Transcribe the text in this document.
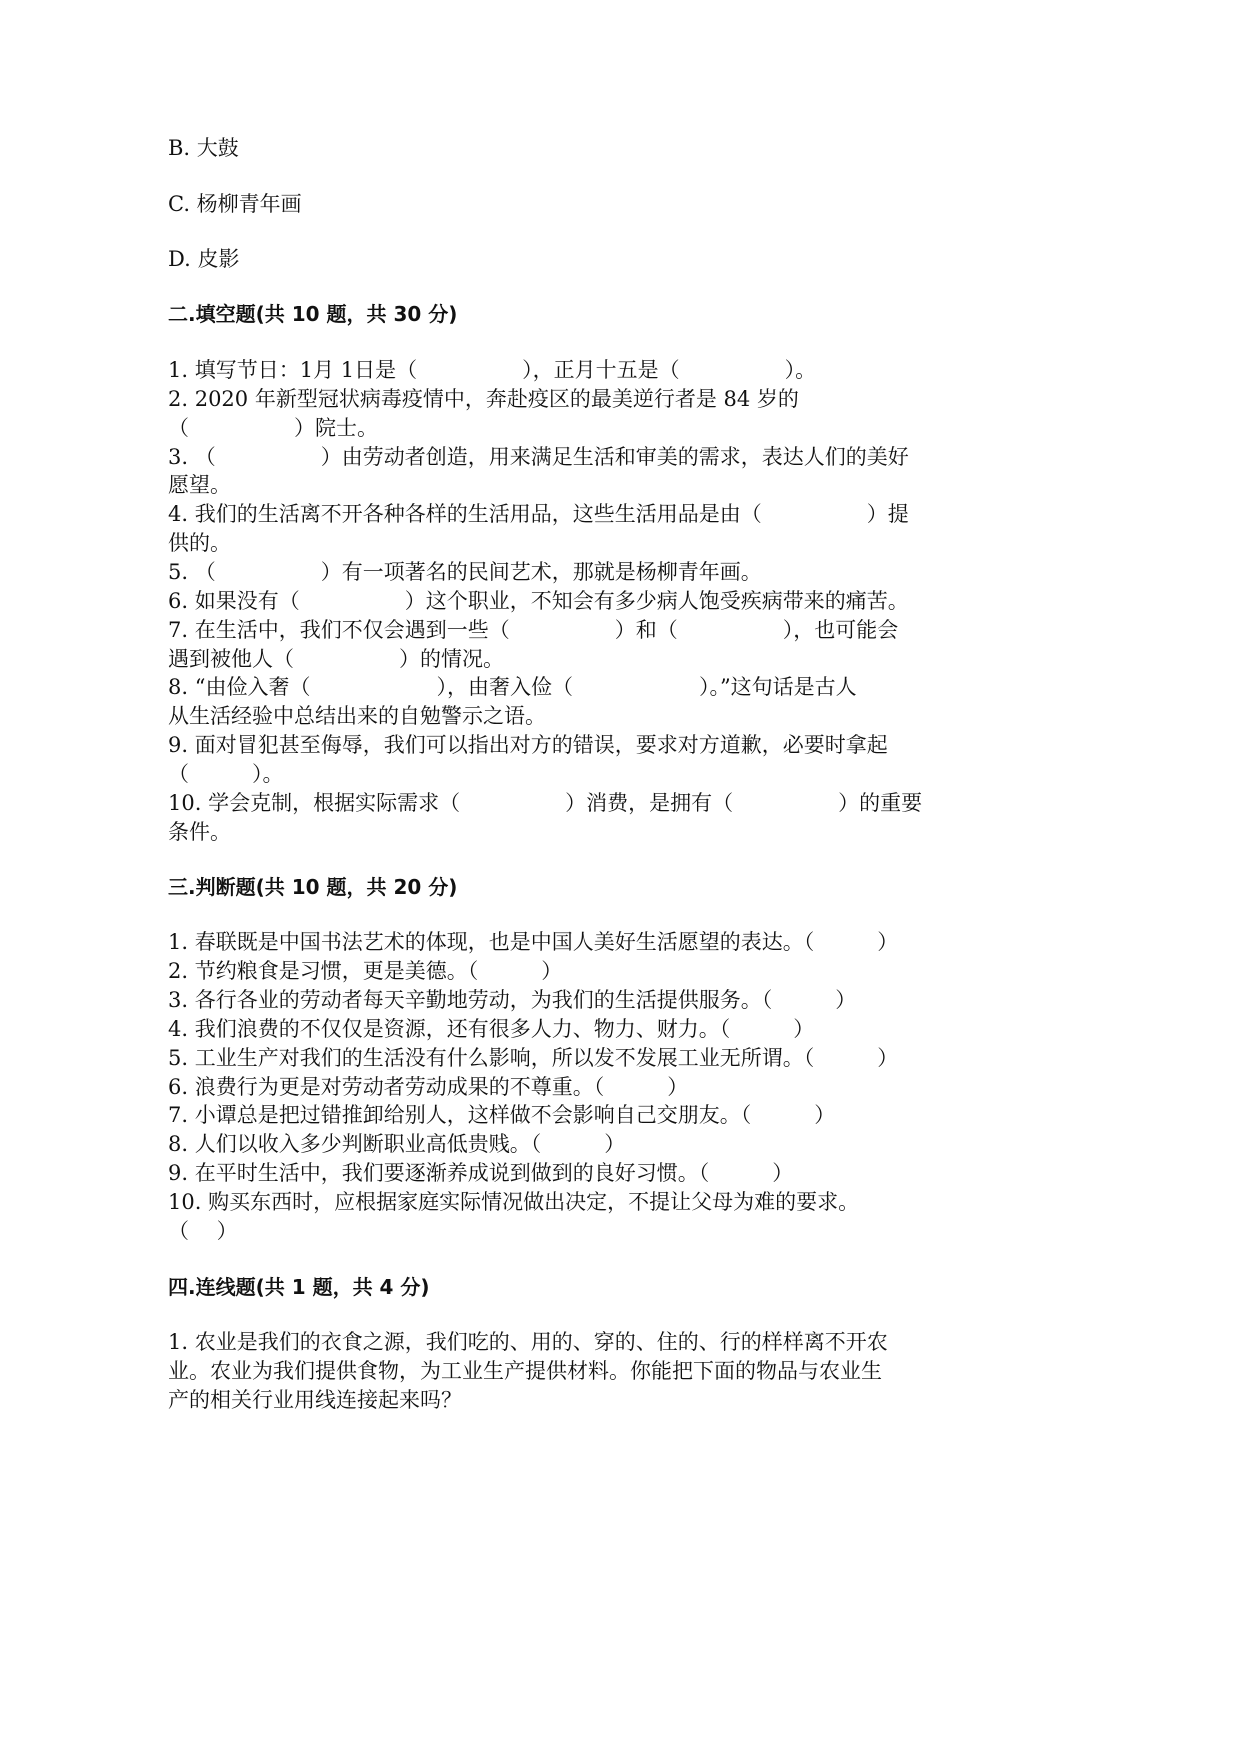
B. 大鼓
C. 杨柳青年画
D. 皮影
二.填空题(共 10 题，共 30 分)
1. 填写节日：1月 1日是（　　　　　），正月十五是（　　　　　）。
2. 2020 年新型冠状病毒疫情中，奔赴疫区的最美逆行者是 84 岁的
（　　　　　）院士。
3. （　　　　　）由劳动者创造，用来满足生活和审美的需求，表达人们的美好
愿望。
4. 我们的生活离不开各种各样的生活用品，这些生活用品是由（　　　　　）提
供的。
5. （　　　　　）有一项著名的民间艺术，那就是杨柳青年画。
6. 如果没有（　　　　　）这个职业，不知会有多少病人饱受疾病带来的痛苦。
7. 在生活中，我们不仅会遇到一些（　　　　　）和（　　　　　），也可能会
遇到被他人（　　　　　）的情况。
8. “由俭入奢（　　　　　　），由奢入俭（　　　　　　）。”这句话是古人
从生活经验中总结出来的自勉警示之语。
9. 面对冒犯甚至侮辱，我们可以指出对方的错误，要求对方道歉，必要时拿起
（　　　）。
10. 学会克制，根据实际需求（　　　　　）消费，是拥有（　　　　　）的重要
条件。
三.判断题(共 10 题，共 20 分)
1. 春联既是中国书法艺术的体现，也是中国人美好生活愿望的表达。（　　　）
2. 节约粮食是习惯，更是美德。（　　　）
3. 各行各业的劳动者每天辛勤地劳动，为我们的生活提供服务。（　　　）
4. 我们浪费的不仅仅是资源，还有很多人力、物力、财力。（　　　）
5. 工业生产对我们的生活没有什么影响，所以发不发展工业无所谓。（　　　）
6. 浪费行为更是对劳动者劳动成果的不尊重。（　　　）
7. 小谭总是把过错推卸给别人，这样做不会影响自己交朋友。（　　　）
8. 人们以收入多少判断职业高低贵贱。（　　　）
9. 在平时生活中，我们要逐渐养成说到做到的良好习惯。（　　　）
10. 购买东西时，应根据家庭实际情况做出决定，不提让父母为难的要求。
（　 ）
四.连线题(共 1 题，共 4 分)
1. 农业是我们的衣食之源，我们吃的、用的、穿的、住的、行的样样离不开农
业。农业为我们提供食物，为工业生产提供材料。你能把下面的物品与农业生
产的相关行业用线连接起来吗？
